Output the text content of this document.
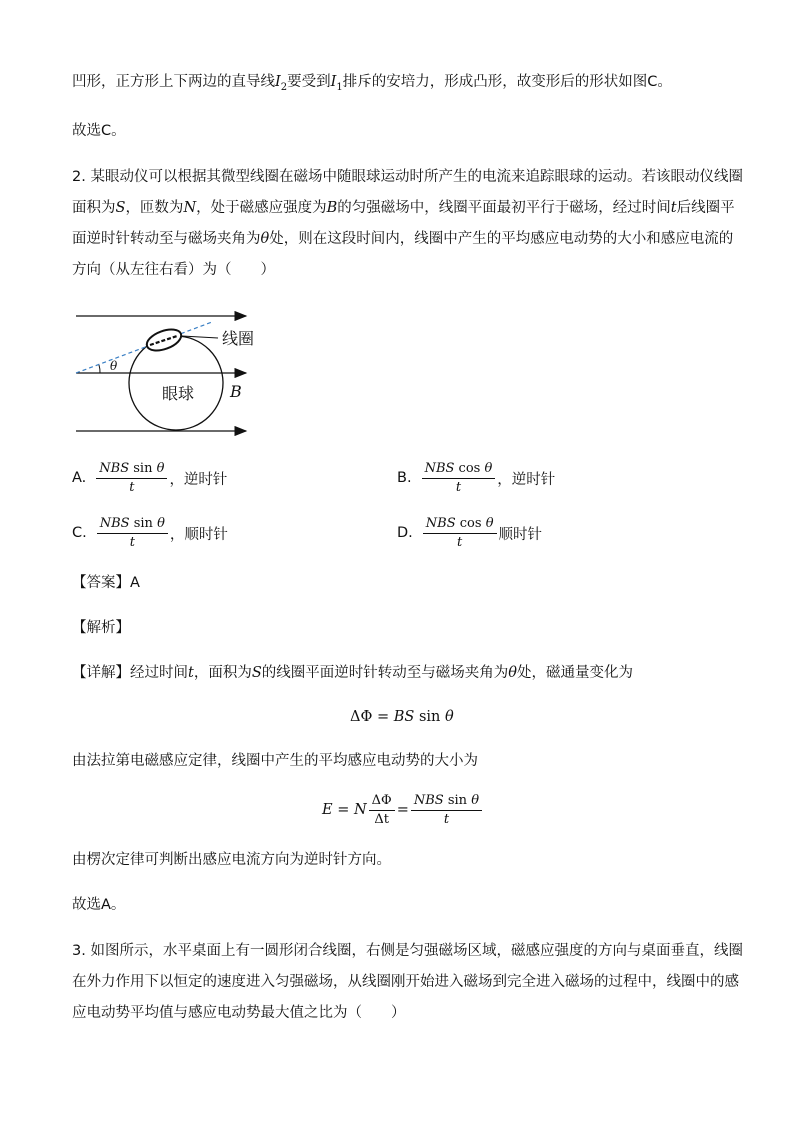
凹形，正方形上下两边的直导线$I_2$要受到$I_1$排斥的安培力，形成凸形，故变形后的形状如图C。
故选C。
2. 某眼动仪可以根据其微型线圈在磁场中随眼球运动时所产生的电流来追踪眼球的运动。若该眼动仪线圈
面积为S，匝数为N，处于磁感应强度为B的匀强磁场中，线圈平面最初平行于磁场，经过时间t后线圈平
面逆时针转动至与磁场夹角为θ处，则在这段时间内，线圈中产生的平均感应电动势的大小和感应电流的
方向（从左往右看）为（　　）
θ
线圈
眼球 B
A. $\frac{\text{NBS sin θ}}{t}$ ，逆时针	B. $\frac{\text{NBS cos θ}}{t}$ ，逆时针
C. $\frac{\text{NBS sin θ}}{t}$ ，顺时针	D. $\frac{\text{NBS cos θ}}{t}$ 顺时针
【答案】A
【解析】
【详解】经过时间t，面积为S的线圈平面逆时针转动至与磁场夹角为θ处，磁通量变化为
ΔΦ
=
BS
sin
θ
由法拉第电磁感应定律，线圈中产生的平均感应电动势的大小为
E
=
N $\frac{\Delta\Phi}{\Delta t} = \frac{\text{NBS sin θ}}{t}$
由楞次定律可判断出感应电流方向为逆时针方向。
故选A。
3. 如图所示，水平桌面上有一圆形闭合线圈，右侧是匀强磁场区域，磁感应强度的方向与桌面垂直，线圈
在外力作用下以恒定的速度进入匀强磁场，从线圈刚开始进入磁场到完全进入磁场的过程中，线圈中的感
应电动势平均值与感应电动势最大值之比为（　　）
